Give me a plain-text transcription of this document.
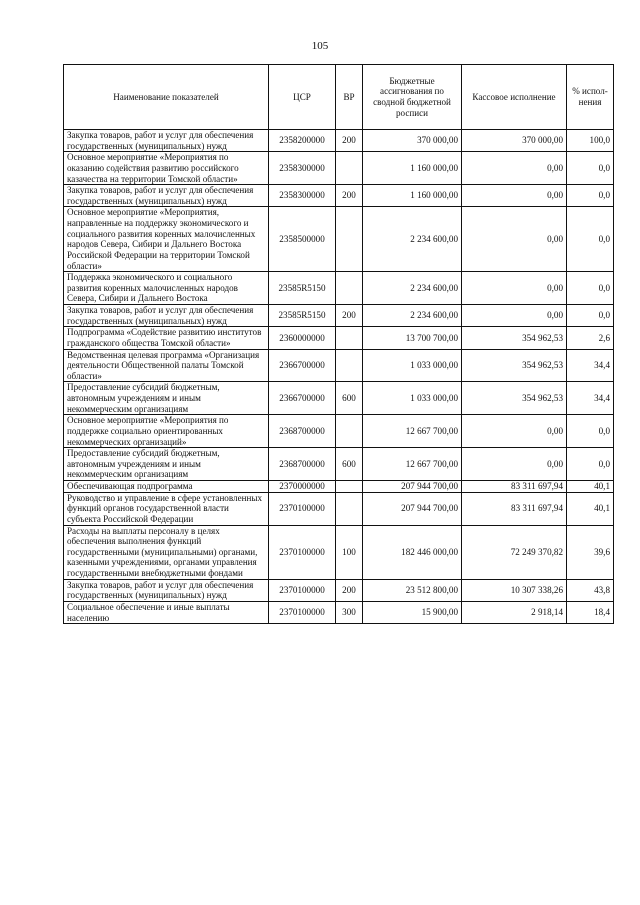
105
Наименование показателей	ЦСР	ВР	Бюджетные ассигнования по сводной бюджетной росписи	Кассовое исполнение	% испол-нения
Закупка товаров, работ и услуг для обеспечения государственных (муниципальных) нужд	2358200000	200	370 000,00	370 000,00	100,0
Основное мероприятие «Мероприятия по оказанию содействия развитию российского казачества на территории Томской области»	2358300000		1 160 000,00	0,00	0,0
Закупка товаров, работ и услуг для обеспечения государственных (муниципальных) нужд	2358300000	200	1 160 000,00	0,00	0,0
Основное мероприятие «Мероприятия, направленные на поддержку экономического и социального развития коренных малочисленных народов Севера, Сибири и Дальнего Востока Российской Федерации на территории Томской области»	2358500000		2 234 600,00	0,00	0,0
Поддержка экономического и социального развития коренных малочисленных народов Севера, Сибири и Дальнего Востока	23585R5150		2 234 600,00	0,00	0,0
Закупка товаров, работ и услуг для обеспечения государственных (муниципальных) нужд	23585R5150	200	2 234 600,00	0,00	0,0
Подпрограмма «Содействие развитию институтов гражданского общества Томской области»	2360000000		13 700 700,00	354 962,53	2,6
Ведомственная целевая программа «Организация деятельности Общественной палаты Томской области»	2366700000		1 033 000,00	354 962,53	34,4
Предоставление субсидий бюджетным, автономным учреждениям и иным некоммерческим организациям	2366700000	600	1 033 000,00	354 962,53	34,4
Основное мероприятие «Мероприятия по поддержке социально ориентированных некоммерческих организаций»	2368700000		12 667 700,00	0,00	0,0
Предоставление субсидий бюджетным, автономным учреждениям и иным некоммерческим организациям	2368700000	600	12 667 700,00	0,00	0,0
Обеспечивающая подпрограмма	2370000000		207 944 700,00	83 311 697,94	40,1
Руководство и управление в сфере установленных функций органов государственной власти субъекта Российской Федерации	2370100000		207 944 700,00	83 311 697,94	40,1
Расходы на выплаты персоналу в целях обеспечения выполнения функций государственными (муниципальными) органами, казенными учреждениями, органами управления государственными внебюджетными фондами	2370100000	100	182 446 000,00	72 249 370,82	39,6
Закупка товаров, работ и услуг для обеспечения государственных (муниципальных) нужд	2370100000	200	23 512 800,00	10 307 338,26	43,8
Социальное обеспечение и иные выплаты населению	2370100000	300	15 900,00	2 918,14	18,4
